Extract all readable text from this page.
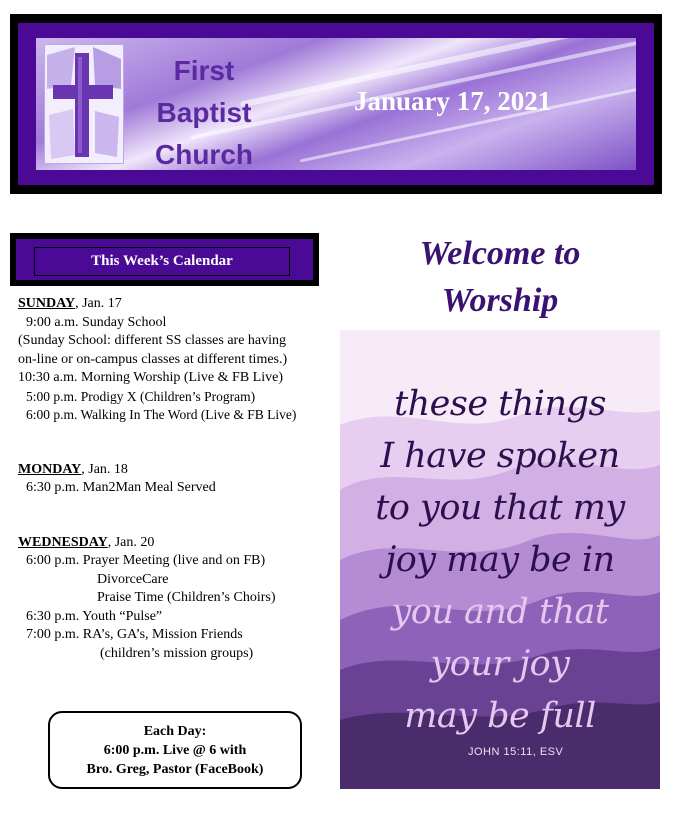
First
Baptist
Church
January 17, 2021
This Week’s Calendar
SUNDAY, Jan. 17
9:00 a.m. Sunday School
(Sunday School: different SS classes are having
on-line or on-campus classes at different times.)
10:30 a.m. Morning Worship (Live & FB Live)
5:00 p.m. Prodigy X (Children’s Program)
6:00 p.m. Walking In The Word (Live & FB Live)
MONDAY, Jan. 18
6:30 p.m. Man2Man Meal Served
WEDNESDAY, Jan. 20
6:00 p.m. Prayer Meeting (live and on FB)
DivorceCare
Praise Time (Children’s Choirs)
6:30 p.m. Youth “Pulse”
7:00 p.m. RA’s, GA’s, Mission Friends
(children’s mission groups)
Each Day:
6:00 p.m. Live @ 6 with
Bro. Greg, Pastor (FaceBook)
Welcome to
Worship
these things
I have spoken
to you that my
joy may be in
you and that
your joy
may be full
JOHN 15:11, ESV
